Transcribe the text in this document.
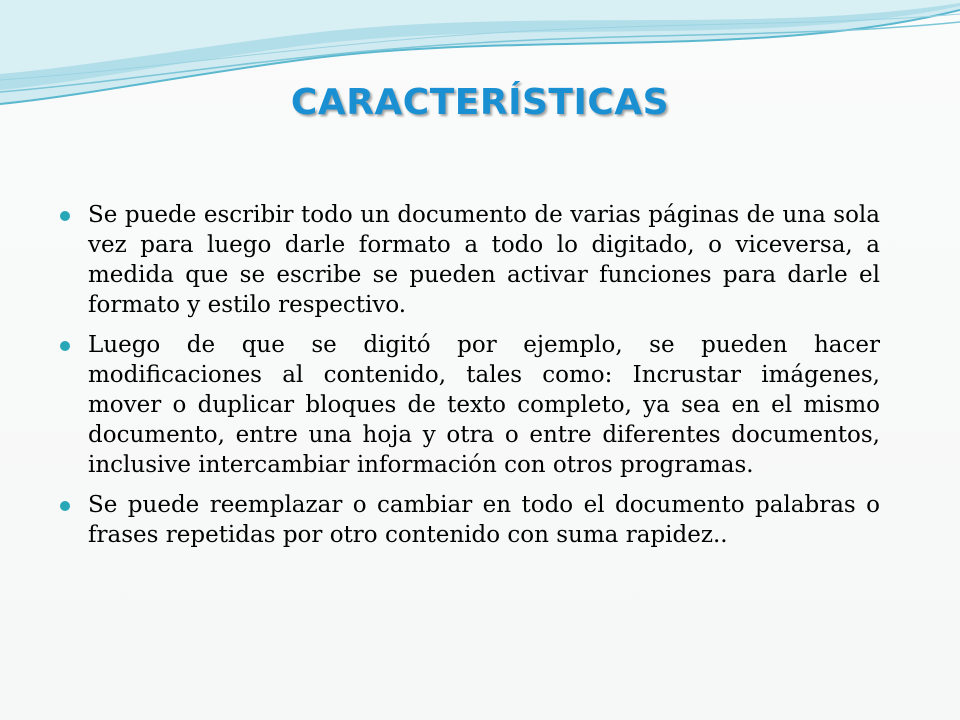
CARACTERÍSTICAS
Se puede escribir todo un documento de varias páginas de una sola vez para luego darle formato a todo lo digitado, o viceversa, a medida que se escribe se pueden activar funciones para darle el formato y estilo respectivo.
Luego de que se digitó por ejemplo, se pueden hacer modificaciones al contenido, tales como: Incrustar imágenes, mover o duplicar bloques de texto completo, ya sea en el mismo documento, entre una hoja y otra o entre diferentes documentos, inclusive intercambiar información con otros programas.
Se puede reemplazar o cambiar en todo el documento palabras o frases repetidas por otro contenido con suma rapidez..
